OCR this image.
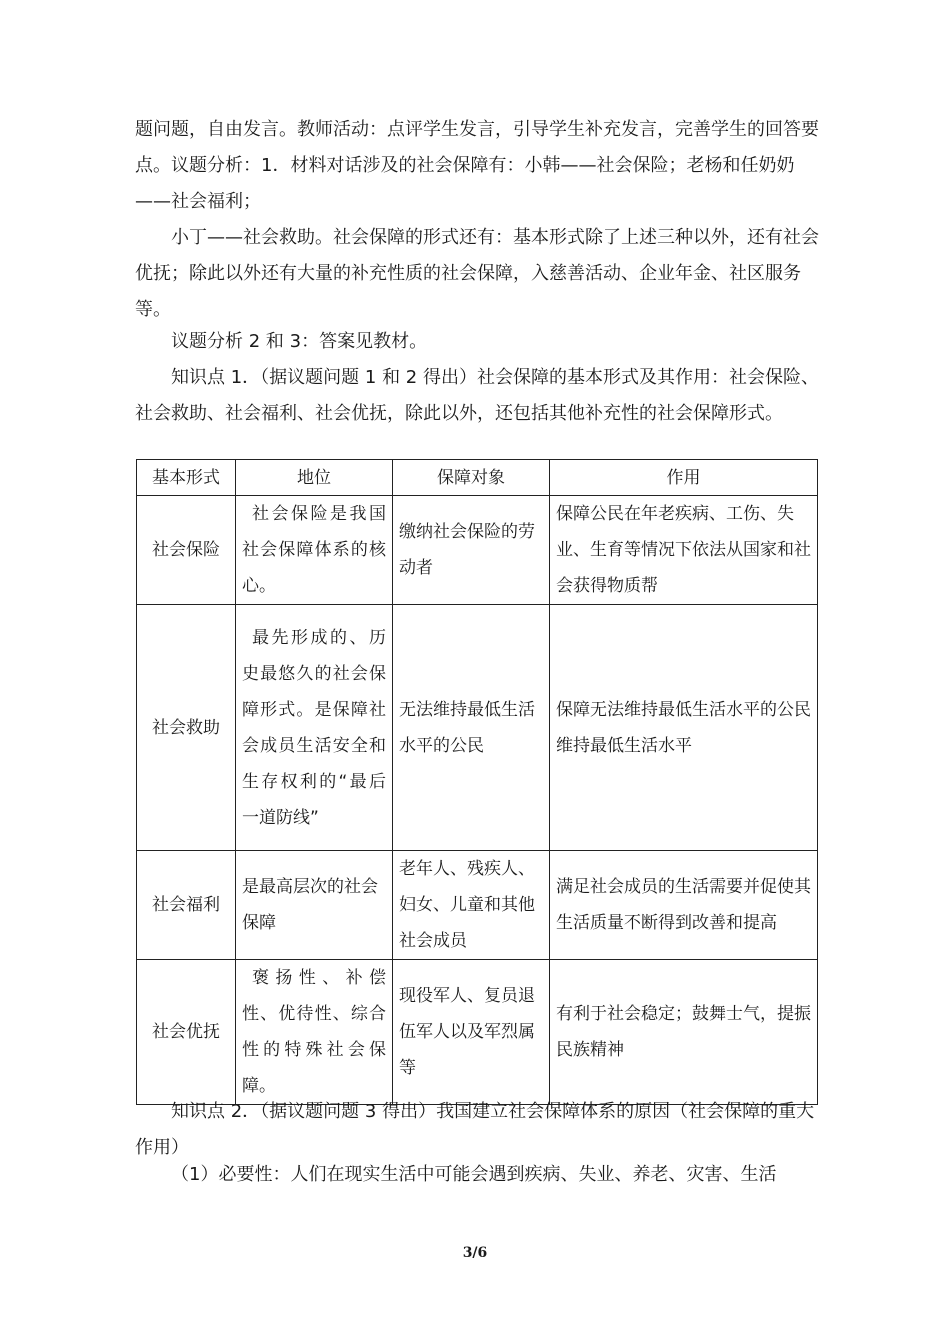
题问题，自由发言。教师活动：点评学生发言，引导学生补充发言，完善学生的回答要点。议题分析：1．材料对话涉及的社会保障有：小韩——社会保险；老杨和任奶奶——社会福利；

小丁——社会救助。社会保障的形式还有：基本形式除了上述三种以外，还有社会优抚；除此以外还有大量的补充性质的社会保障，入慈善活动、企业年金、社区服务等。

议题分析 2 和 3：答案见教材。

知识点 1．（据议题问题 1 和 2 得出）社会保障的基本形式及其作用：社会保险、社会救助、社会福利、社会优抚，除此以外，还包括其他补充性的社会保障形式。

基本形式	地位	保障对象	作用
社会保险	社会保险是我国社会保障体系的核心。	缴纳社会保险的劳动者	保障公民在年老疾病、工伤、失业、生育等情况下依法从国家和社会获得物质帮
社会救助	最先形成的、历史最悠久的社会保障形式。是保障社会成员生活安全和生存权利的“最后一道防线”	无法维持最低生活水平的公民	保障无法维持最低生活水平的公民维持最低生活水平
社会福利	是最高层次的社会保障	老年人、残疾人、妇女、儿童和其他社会成员	满足社会成员的生活需要并促使其生活质量不断得到改善和提高
社会优抚	褒扬性、补偿性、优待性、综合性的特殊社会保障。	现役军人、复员退伍军人以及军烈属等	有利于社会稳定；鼓舞士气，提振民族精神

知识点 2．（据议题问题 3 得出）我国建立社会保障体系的原因（社会保障的重大作用）

（1）必要性：人们在现实生活中可能会遇到疾病、失业、养老、灾害、生活

3/6
